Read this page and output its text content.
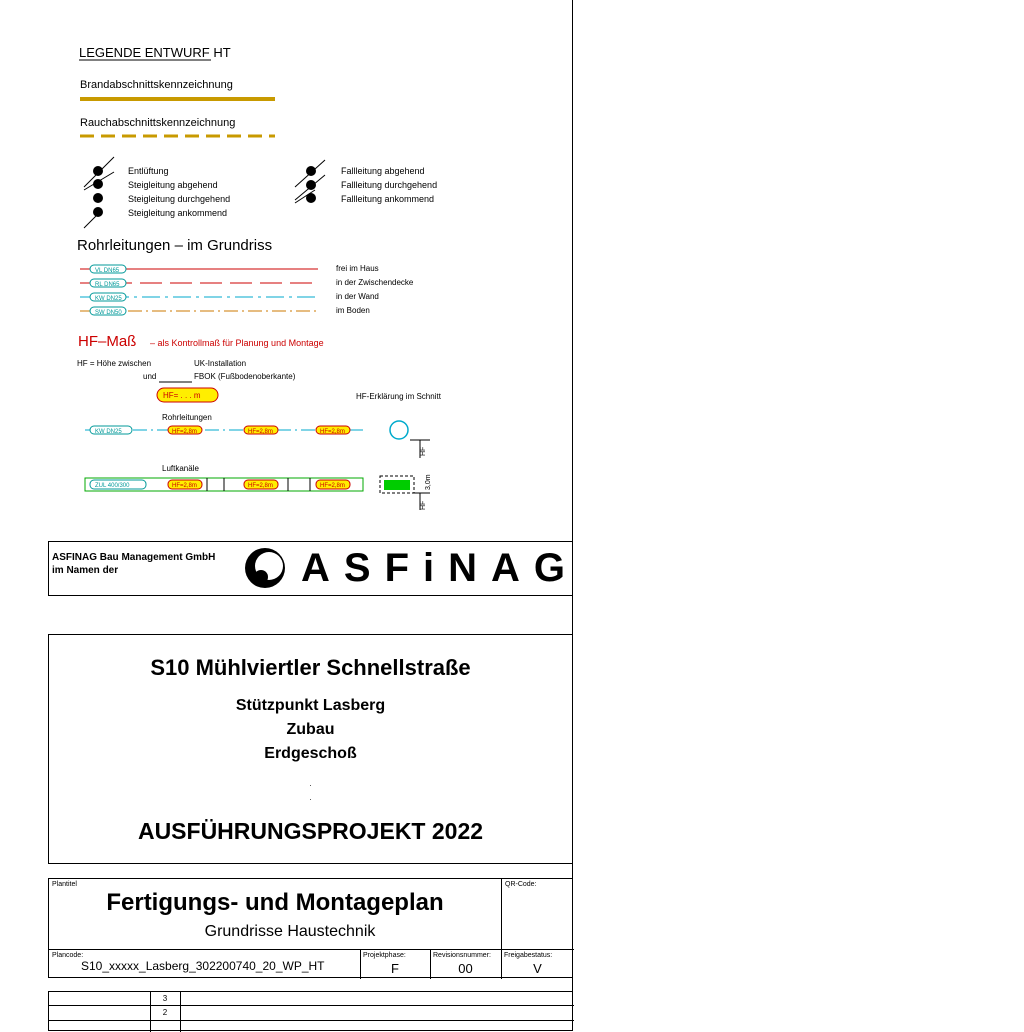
LEGENDE ENTWURF HT
Brandabschnittskennzeichnung
Rauchabschnittskennzeichnung
Entlüftung
Steigleitung abgehend
Steigleitung durchgehend
Steigleitung ankommend
Fallleitung abgehend
Fallleitung durchgehend
Fallleitung ankommend
Rohrleitungen – im Grundriss
VL DN65	frei im Haus
RL DN65	in der Zwischendecke
KW DN25	in der Wand
SW DN50	im Boden
HF–Maß – als Kontrollmaß für Planung und Montage
HF = Höhe zwischen	UK-Installation
und	FBOK (Fußbodenoberkante)
HF= . . . m	HF-Erklärung im Schnitt
Rohrleitungen
KW DN25	HF=2,8m	HF=2,8m	HF=2,8m
HF
Luftkanäle
ZUL 400/300	HF=2,8m	HF=2,8m	HF=2,8m
HF
3,0m
ASFINAG Bau Management GmbH
im Namen der	ASFiNAG
S10 Mühlviertler Schnellstraße
Stützpunkt Lasberg
Zubau
Erdgeschoß
.
.
AUSFÜHRUNGSPROJEKT 2022
Plantitel	QR-Code:
Fertigungs- und Montageplan
Grundrisse Haustechnik
Plancode:
S10_xxxxx_Lasberg_302200740_20_WP_HT
Projektphase:
F
Revisionsnummer:
00
Freigabestatus:
V
3
2
